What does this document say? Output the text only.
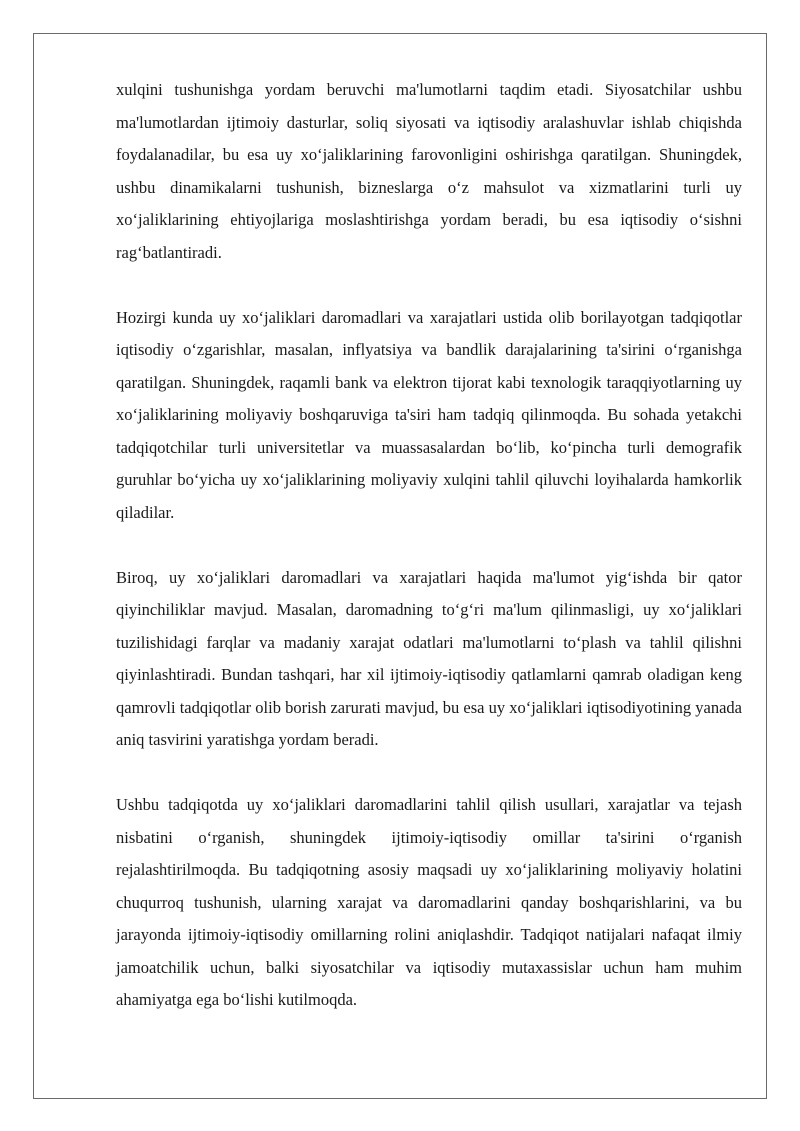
xulqini tushunishga yordam beruvchi ma'lumotlarni taqdim etadi. Siyosatchilar ushbu ma'lumotlardan ijtimoiy dasturlar, soliq siyosati va iqtisodiy aralashuvlar ishlab chiqishda foydalanadilar, bu esa uy xoʻjaliklarining farovonligini oshirishga qaratilgan. Shuningdek, ushbu dinamikalarni tushunish, bizneslarga oʻz mahsulot va xizmatlarini turli uy xoʻjaliklarining ehtiyojlariga moslashtirishga yordam beradi, bu esa iqtisodiy oʻsishni ragʻbatlantiradi.

Hozirgi kunda uy xoʻjaliklari daromadlari va xarajatlari ustida olib borilayotgan tadqiqotlar iqtisodiy oʻzgarishlar, masalan, inflyatsiya va bandlik darajalarining ta'sirini oʻrganishga qaratilgan. Shuningdek, raqamli bank va elektron tijorat kabi texnologik taraqqiyotlarning uy xoʻjaliklarining moliyaviy boshqaruviga ta'siri ham tadqiq qilinmoqda. Bu sohada yetakchi tadqiqotchilar turli universitetlar va muassasalardan boʻlib, koʻpincha turli demografik guruhlar boʻyicha uy xoʻjaliklarining moliyaviy xulqini tahlil qiluvchi loyihalarda hamkorlik qiladilar.

Biroq, uy xoʻjaliklari daromadlari va xarajatlari haqida ma'lumot yigʻishda bir qator qiyinchiliklar mavjud. Masalan, daromadning toʻgʻri ma'lum qilinmasligi, uy xoʻjaliklari tuzilishidagi farqlar va madaniy xarajat odatlari ma'lumotlarni toʻplash va tahlil qilishni qiyinlashtiradi. Bundan tashqari, har xil ijtimoiy-iqtisodiy qatlamlarni qamrab oladigan keng qamrovli tadqiqotlar olib borish zarurati mavjud, bu esa uy xoʻjaliklari iqtisodiyotining yanada aniq tasvirini yaratishga yordam beradi.

Ushbu tadqiqotda uy xoʻjaliklari daromadlarini tahlil qilish usullari, xarajatlar va tejash nisbatini oʻrganish, shuningdek ijtimoiy-iqtisodiy omillar ta'sirini oʻrganish rejalashtirilmoqda. Bu tadqiqotning asosiy maqsadi uy xoʻjaliklarining moliyaviy holatini chuqurroq tushunish, ularning xarajat va daromadlarini qanday boshqarishlarini, va bu jarayonda ijtimoiy-iqtisodiy omillarning rolini aniqlashdir. Tadqiqot natijalari nafaqat ilmiy jamoatchilik uchun, balki siyosatchilar va iqtisodiy mutaxassislar uchun ham muhim ahamiyatga ega boʻlishi kutilmoqda.
